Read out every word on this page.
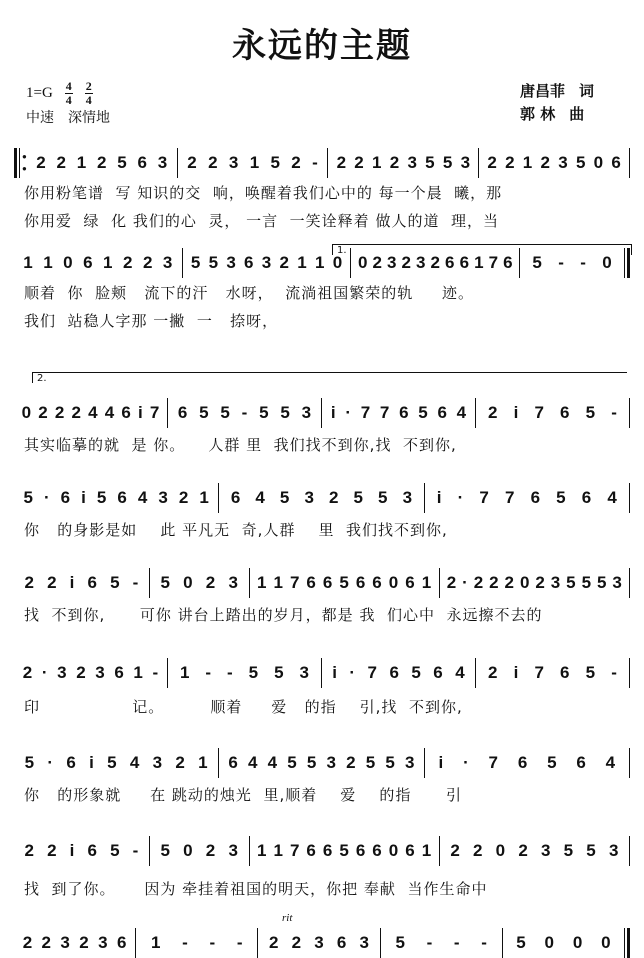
永远的主题
$1=G \frac{4}{4} \frac{2}{4}$
中速 深情地
唐昌菲 词
郭 林 曲
●
● 2 2 1 2 5 6 3 2 2 3 1 5 2 - 2 2 1 2 3 5 5 3 2 2 1 2 3 5 0 6
你用粉笔谱  写 知识的交  响，唤醒着我们心中的 每一个晨  曦，那
你用爱  绿  化 我们的心  灵， 一言  一笑诠释着 做人的道  理，当
1.
1 1 0 6 1 2 2 3 5 5 3 6 3 2 1 1 0 0 2 3 2 3 2 6 6 1 7 6 5 - - 0
顺着  你  脸颊   流下的汗   水呀，  流淌祖国繁荣的轨     迹。
我们  站稳人字那 一撇  一   捺呀，
2.
0 2 2 2 4 4 6 i 7 6 5 5 - 5 5 3 i · 7 7 6 5 6 4 2 i 7 6 5 -
其实临摹的就  是 你。    人群 里  我们找不到你,找  不到你,
5 · 6 i 5 6 4 3 2 1 6 4 5 3 2 5 5 3 i · 7 7 6 5 6 4
你   的身影是如    此 平凡无  奇,人群    里  我们找不到你,
2 2 i 6 5 - 5 0 2 3 1 1 7 6 6 5 6 6 0 6 1 2 · 2 2 2 0 2 3 5 5 5 3
找  不到你,      可你 讲台上踏出的岁月，都是 我  们心中  永远擦不去的
2 · 3 2 3 6 1 - 1 - - 5 5 3 i · 7 6 5 6 4 2 i 7 6 5 -
印                记。        顺着     爱   的指    引,找  不到你,
5 · 6 i 5 4 3 2 1 6 4 4 5 5 3 2 5 5 3 i · 7 6 5 6 4
你   的形象就     在 跳动的烛光  里,顺着    爱    的指      引
2 2 i 6 5 - 5 0 2 3 1 1 7 6 6 5 6 6 0 6 1 2 2 0 2 3 5 5 3
找  到了你。     因为 牵挂着祖国的明天，你把 奉献  当作生命中
rit
2 2 3 2 3 6 1 - - - 2 2 3 6 3 5 - - - 5 0 0 0
